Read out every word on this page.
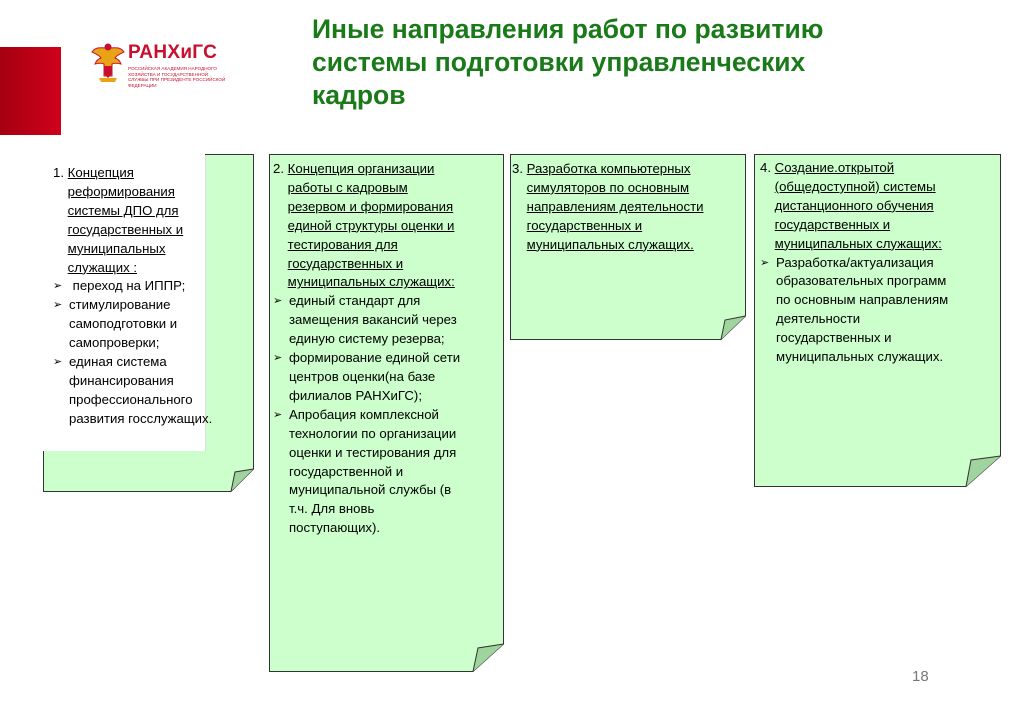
РАНХиГС
РОССИЙСКАЯ АКАДЕМИЯ НАРОДНОГО ХОЗЯЙСТВА И ГОСУДАРСТВЕННОЙ СЛУЖБЫ ПРИ ПРЕЗИДЕНТЕ РОССИЙСКОЙ ФЕДЕРАЦИИ
Иные направления работ по развитию системы подготовки управленческих кадров
1. Концепция реформирования системы ДПО для государственных и муниципальных служащих :
➢ переход на ИППР;
➢ стимулирование самоподготовки и самопроверки;
➢ единая система финансирования профессионального развития госслужащих.
2. Концепция организации работы с кадровым резервом и формирования единой структуры оценки и тестирования для государственных и муниципальных служащих:
➢ единый стандарт для замещения вакансий через единую систему резерва;
➢ формирование единой сети центров оценки(на базе филиалов РАНХиГС);
➢ Апробация комплексной технологии по организации оценки и тестирования для государственной и муниципальной службы (в т.ч. Для вновь поступающих).
3. Разработка компьютерных симуляторов по основным направлениям деятельности государственных и муниципальных служащих.
4. Создание.открытой (общедоступной) системы дистанционного обучения государственных и муниципальных служащих:
➢ Разработка/актуализация образовательных программ по основным направлениям деятельности государственных и муниципальных служащих.
18
